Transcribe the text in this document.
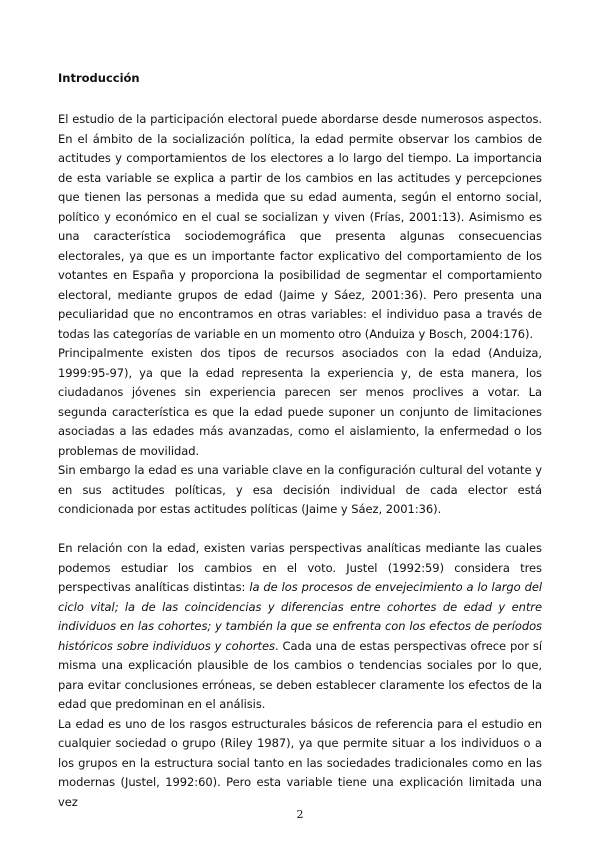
Introducción

El estudio de la participación electoral puede abordarse desde numerosos aspectos. En el ámbito de la socialización política, la edad permite observar los cambios de actitudes y comportamientos de los electores a lo largo del tiempo. La importancia de esta variable se explica a partir de los cambios en las actitudes y percepciones que tienen las personas a medida que su edad aumenta, según el entorno social, político y económico en el cual se socializan y viven (Frías, 2001:13). Asimismo es una característica sociodemográfica que presenta algunas consecuencias electorales, ya que es un importante factor explicativo del comportamiento de los votantes en España y proporciona la posibilidad de segmentar el comportamiento electoral, mediante grupos de edad (Jaime y Sáez, 2001:36). Pero presenta una peculiaridad que no encontramos en otras variables: el individuo pasa a través de todas las categorías de variable en un momento otro (Anduiza y Bosch, 2004:176).

Principalmente existen dos tipos de recursos asociados con la edad (Anduiza, 1999:95-97), ya que la edad representa la experiencia y, de esta manera, los ciudadanos jóvenes sin experiencia parecen ser menos proclives a votar. La segunda característica es que la edad puede suponer un conjunto de limitaciones asociadas a las edades más avanzadas, como el aislamiento, la enfermedad o los problemas de movilidad.

Sin embargo la edad es una variable clave en la configuración cultural del votante y en sus actitudes políticas, y esa decisión individual de cada elector está condicionada por estas actitudes políticas (Jaime y Sáez, 2001:36).

En relación con la edad, existen varias perspectivas analíticas mediante las cuales podemos estudiar los cambios en el voto. Justel (1992:59) considera tres perspectivas analíticas distintas: la de los procesos de envejecimiento a lo largo del ciclo vital; la de las coincidencias y diferencias entre cohortes de edad y entre individuos en las cohortes; y también la que se enfrenta con los efectos de períodos históricos sobre individuos y cohortes. Cada una de estas perspectivas ofrece por sí misma una explicación plausible de los cambios o tendencias sociales por lo que, para evitar conclusiones erróneas, se deben establecer claramente los efectos de la edad que predominan en el análisis.

La edad es uno de los rasgos estructurales básicos de referencia para el estudio en cualquier sociedad o grupo (Riley 1987), ya que permite situar a los individuos o a los grupos en la estructura social tanto en las sociedades tradicionales como en las modernas (Justel, 1992:60). Pero esta variable tiene una explicación limitada una vez

2
